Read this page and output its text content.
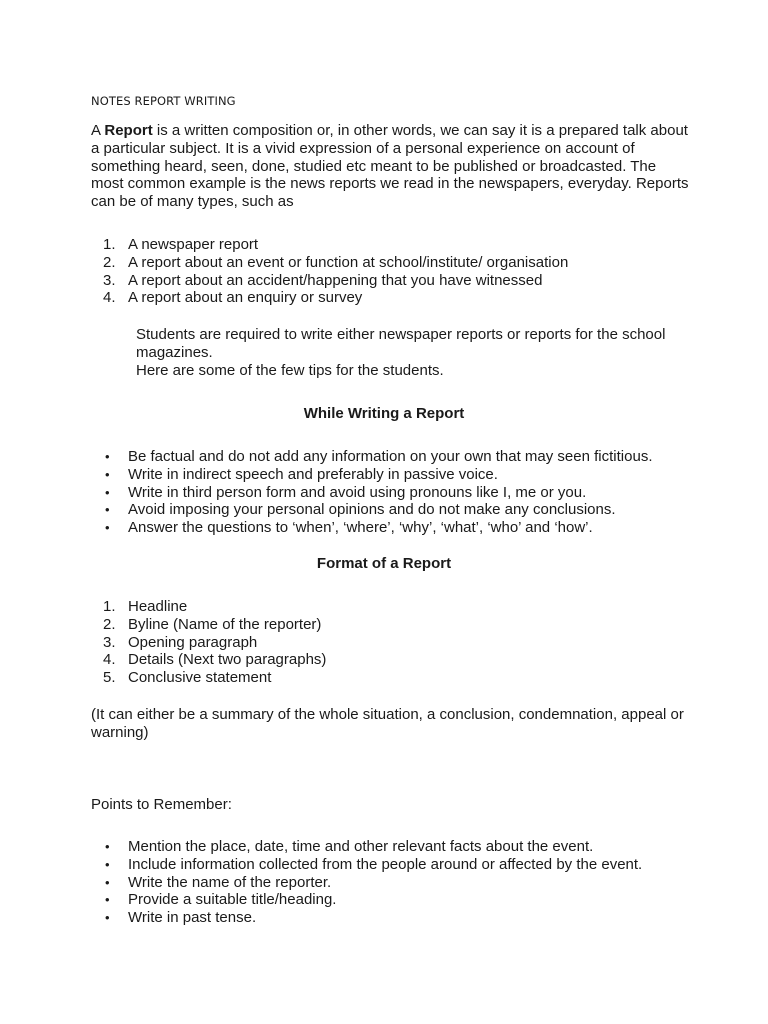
NOTES REPORT WRITING

A Report is a written composition or, in other words, we can say it is a prepared talk about a particular subject. It is a vivid expression of a personal experience on account of something heard, seen, done, studied etc meant to be published or broadcasted. The most common example is the news reports we read in the newspapers, everyday. Reports can be of many types, such as

1. A newspaper report
2. A report about an event or function at school/institute/ organisation
3. A report about an accident/happening that you have witnessed
4. A report about an enquiry or survey

Students are required to write either newspaper reports or reports for the school magazines.
Here are some of the few tips for the students.

While Writing a Report
• Be factual and do not add any information on your own that may seen fictitious.
• Write in indirect speech and preferably in passive voice.
• Write in third person form and avoid using pronouns like I, me or you.
• Avoid imposing your personal opinions and do not make any conclusions.
• Answer the questions to ‘when’, ‘where’, ‘why’, ‘what’, ‘who’ and ‘how’.
Format of a Report
1. Headline
2. Byline (Name of the reporter)
3. Opening paragraph
4. Details (Next two paragraphs)
5. Conclusive statement

(It can either be a summary of the whole situation, a conclusion, condemnation, appeal or warning)

Points to Remember:

• Mention the place, date, time and other relevant facts about the event.
• Include information collected from the people around or affected by the event.
• Write the name of the reporter.
• Provide a suitable title/heading.
• Write in past tense.
